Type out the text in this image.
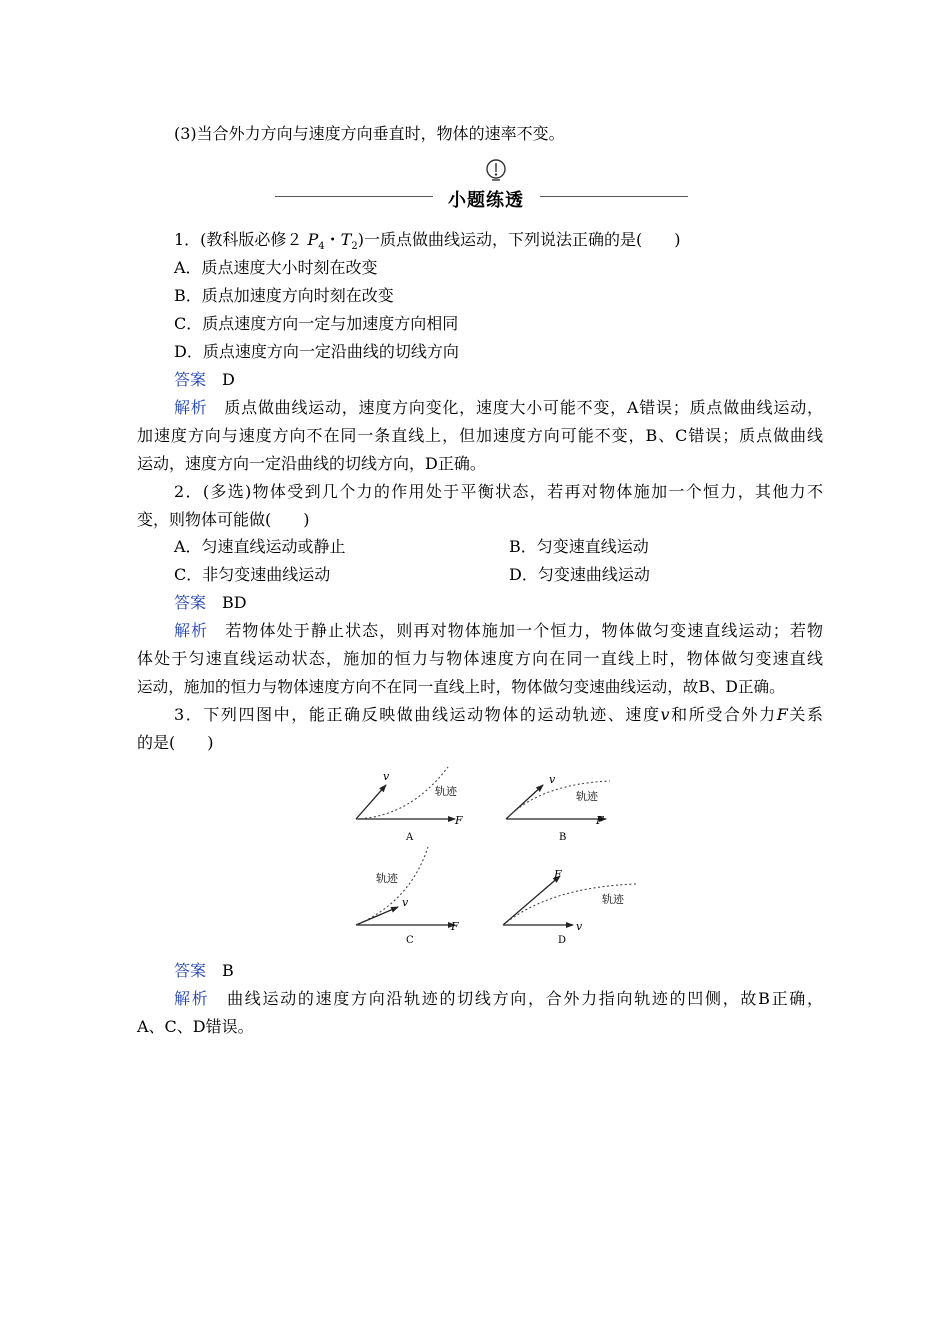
(3)当合外力方向与速度方向垂直时，物体的速率不变。
小题练透
1．(教科版必修２ $P_4$・$T_2$)一质点做曲线运动，下列说法正确的是(　　)
A．质点速度大小时刻在改变
B．质点加速度方向时刻在改变
C．质点速度方向一定与加速度方向相同
D．质点速度方向一定沿曲线的切线方向
答案　 D
解析　 质点做曲线运动，速度方向变化，速度大小可能不变，A错误；质点做曲线运动，
加速度方向与速度方向不在同一条直线上，但加速度方向可能不变，B、C错误；质点做曲线
运动，速度方向一定沿曲线的切线方向，D正确。
2．(多选)物体受到几个力的作用处于平衡状态，若再对物体施加一个恒力，其他力不
变，则物体可能做(　　)
A．匀速直线运动或静止	B．匀变速直线运动
C．非匀变速曲线运动	D．匀变速曲线运动
答案　 BD
解析　 若物体处于静止状态，则再对物体施加一个恒力，物体做匀变速直线运动；若物
体处于匀速直线运动状态，施加的恒力与物体速度方向在同一直线上时，物体做匀变速直线
运动，施加的恒力与物体速度方向不在同一直线上时，物体做匀变速曲线运动，故B、D正确。
3．下列四图中，能正确反映做曲线运动物体的运动轨迹、速度v和所受合外力F关系
的是(　　)
v
F
轨迹
A
v
F
轨迹
B
v
F
轨迹
C
v
F
轨迹
D
答案　 B
解析　 曲线运动的速度方向沿轨迹的切线方向，合外力指向轨迹的凹侧，故B正确，
A、C、D错误。
